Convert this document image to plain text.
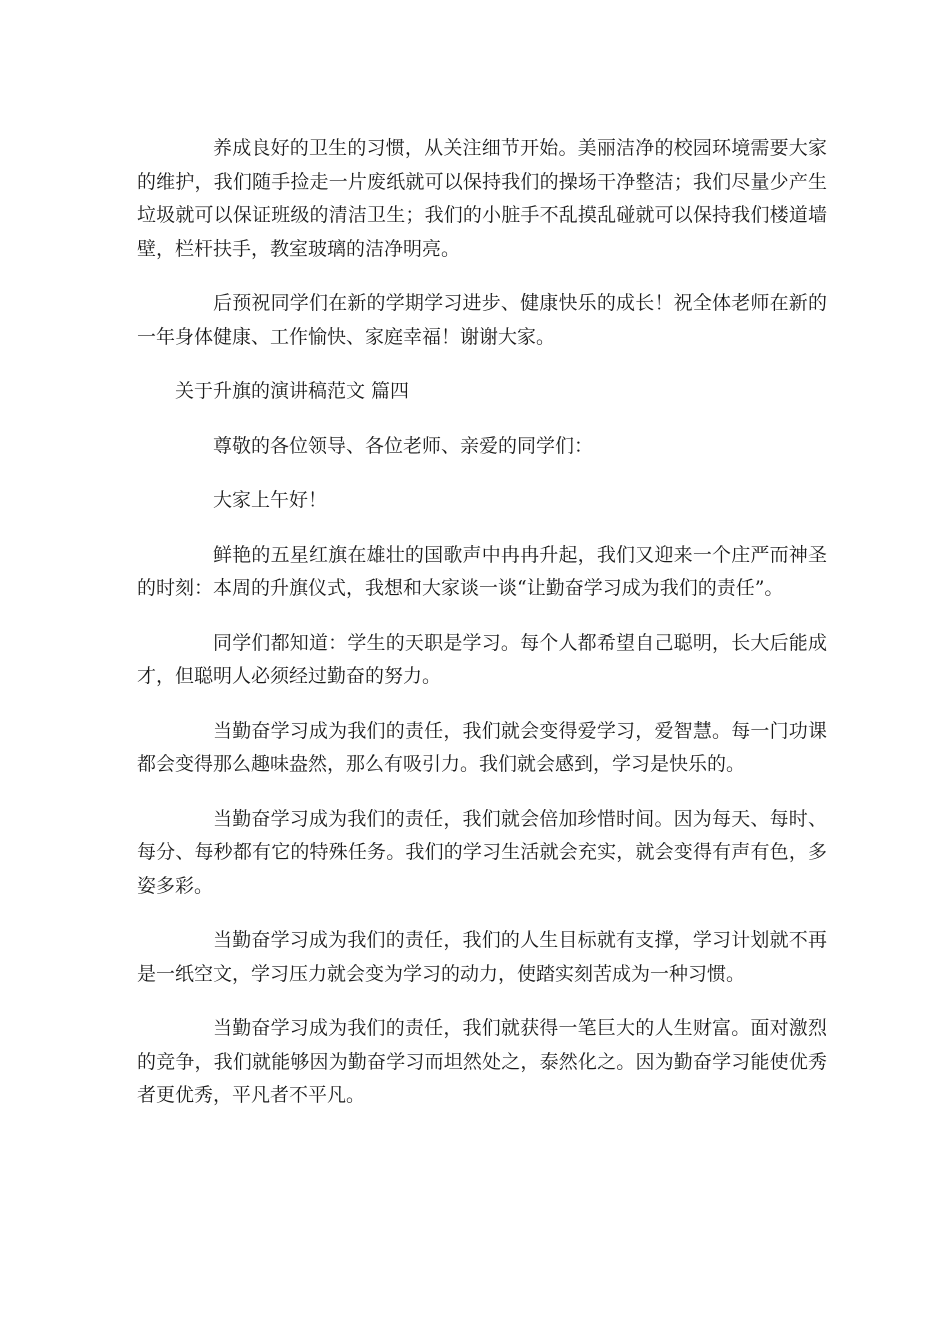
养成良好的卫生的习惯，从关注细节开始。美丽洁净的校园环境需要大家的维护，我们随手捡走一片废纸就可以保持我们的操场干净整洁；我们尽量少产生垃圾就可以保证班级的清洁卫生；我们的小脏手不乱摸乱碰就可以保持我们楼道墙壁，栏杆扶手，教室玻璃的洁净明亮。

后预祝同学们在新的学期学习进步、健康快乐的成长！祝全体老师在新的一年身体健康、工作愉快、家庭幸福！谢谢大家。

关于升旗的演讲稿范文 篇四

尊敬的各位领导、各位老师、亲爱的同学们：

大家上午好！

鲜艳的五星红旗在雄壮的国歌声中冉冉升起，我们又迎来一个庄严而神圣的时刻：本周的升旗仪式，我想和大家谈一谈“让勤奋学习成为我们的责任”。

同学们都知道：学生的天职是学习。每个人都希望自己聪明，长大后能成才，但聪明人必须经过勤奋的努力。

当勤奋学习成为我们的责任，我们就会变得爱学习，爱智慧。每一门功课都会变得那么趣味盎然，那么有吸引力。我们就会感到，学习是快乐的。

当勤奋学习成为我们的责任，我们就会倍加珍惜时间。因为每天、每时、每分、每秒都有它的特殊任务。我们的学习生活就会充实，就会变得有声有色，多姿多彩。

当勤奋学习成为我们的责任，我们的人生目标就有支撑，学习计划就不再是一纸空文，学习压力就会变为学习的动力，使踏实刻苦成为一种习惯。

当勤奋学习成为我们的责任，我们就获得一笔巨大的人生财富。面对激烈的竞争，我们就能够因为勤奋学习而坦然处之，泰然化之。因为勤奋学习能使优秀者更优秀，平凡者不平凡。
